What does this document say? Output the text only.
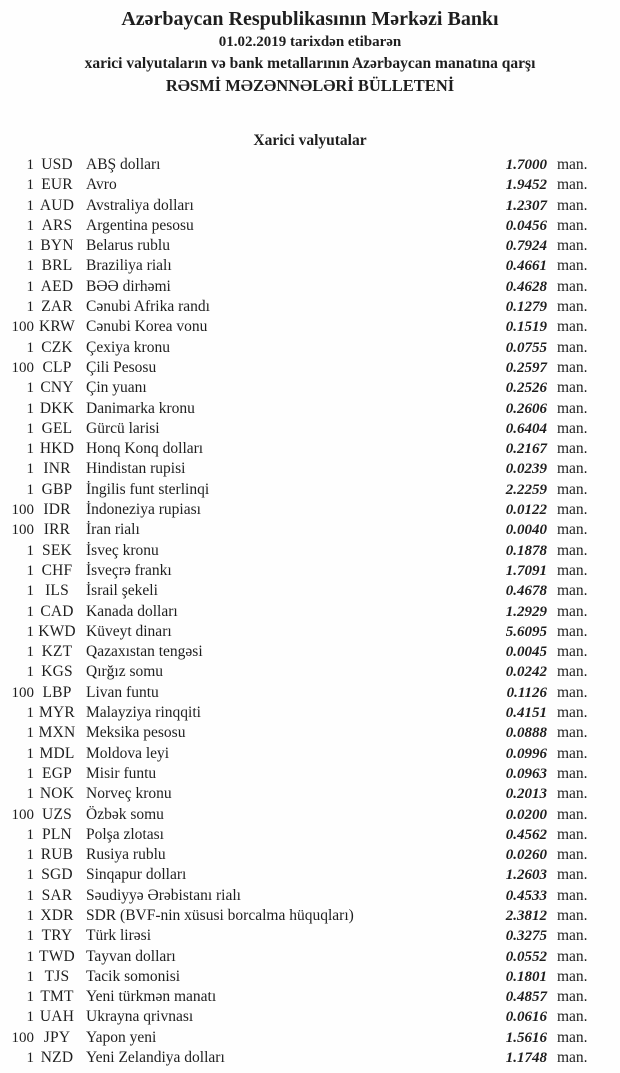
Azərbaycan Respublikasının Mərkəzi Bankı
01.02.2019 tarixdən etibarən
xarici valyutaların və bank metallarının Azərbaycan manatına qarşı
RƏSMİ MƏZƏNNƏLƏRİ BÜLLETENİ
Xarici valyutalar
1 USD ABŞ dolları	1.7000 man.
1 EUR Avro	1.9452 man.
1 AUD Avstraliya dolları	1.2307 man.
1 ARS Argentina pesosu	0.0456 man.
1 BYN Belarus rublu	0.7924 man.
1 BRL Braziliya rialı	0.4661 man.
1 AED BƏƏ dirhəmi	0.4628 man.
1 ZAR Cənubi Afrika randı	0.1279 man.
100 KRW Cənubi Korea vonu	0.1519 man.
1 CZK Çexiya kronu	0.0755 man.
100 CLP Çili Pesosu	0.2597 man.
1 CNY Çin yuanı	0.2526 man.
1 DKK Danimarka kronu	0.2606 man.
1 GEL Gürcü larisi	0.6404 man.
1 HKD Honq Konq dolları	0.2167 man.
1 INR Hindistan rupisi	0.0239 man.
1 GBP İngilis funt sterlinqi	2.2259 man.
100 IDR İndoneziya rupiası	0.0122 man.
100 IRR	İran rialı	0.0040 man.
1 SEK İsveç kronu	0.1878 man.
1 CHF İsveçrə frankı	1.7091 man.
1 ILS	İsrail şekeli	0.4678 man.
1 CAD Kanada dolları	1.2929 man.
1 KWD Küveyt dinarı	5.6095 man.
1 KZT Qazaxıstan tengəsi	0.0045 man.
1 KGS Qırğız somu	0.0242 man.
100 LBP Livan funtu	0.1126 man.
1 MYR Malayziya rinqqiti	0.4151 man.
1 MXN Meksika pesosu	0.0888 man.
1 MDL Moldova leyi	0.0996 man.
1 EGP Misir funtu	0.0963 man.
1 NOK Norveç kronu	0.2013 man.
100 UZS Özbək somu	0.0200 man.
1 PLN Polşa zlotası	0.4562 man.
1 RUB Rusiya rublu	0.0260 man.
1 SGD Sinqapur dolları	1.2603 man.
1 SAR Səudiyyə Ərəbistanı rialı	0.4533 man.
1 XDR SDR (BVF-nin xüsusi borcalma hüquqları)	2.3812 man.
1 TRY Türk lirəsi	0.3275 man.
1 TWD Tayvan dolları	0.0552 man.
1 TJS	Tacik somonisi	0.1801 man.
1 TMT Yeni türkmən manatı	0.4857 man.
1 UAH Ukrayna qrivnası	0.0616 man.
100 JPY	Yapon yeni	1.5616 man.
1 NZD Yeni Zelandiya dolları	1.1748 man.
